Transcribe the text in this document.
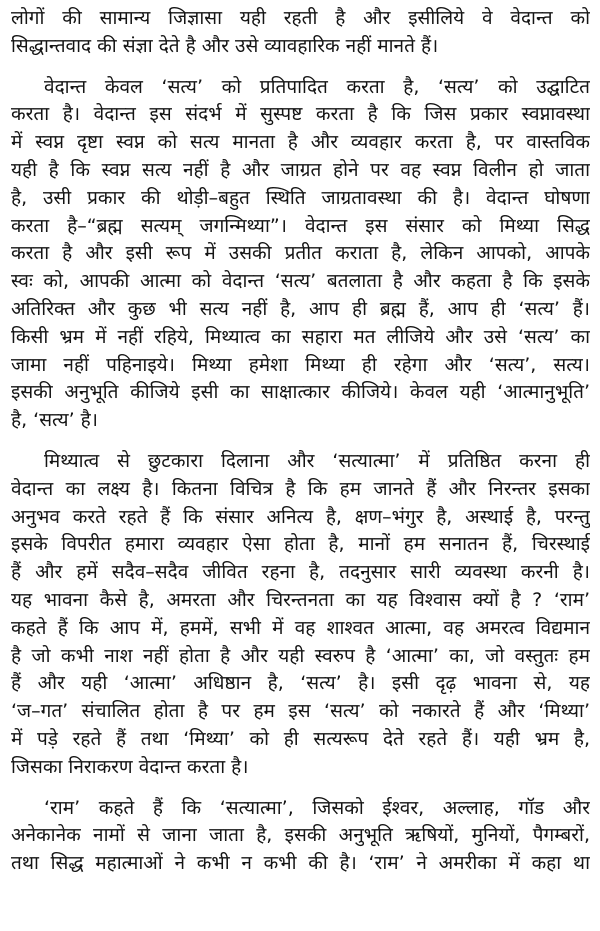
लोगों की सामान्य जिज्ञासा यही रहती है और इसीलिये वे वेदान्त को
सिद्धान्तवाद की संज्ञा देते है और उसे व्यावहारिक नहीं मानते हैं।
वेदान्त केवल ‘सत्य’ को प्रतिपादित करता है, ‘सत्य’ को उद्घाटित
करता है। वेदान्त इस संदर्भ में सुस्पष्ट करता है कि जिस प्रकार स्वप्नावस्था
में स्वप्न दृष्टा स्वप्न को सत्य मानता है और व्यवहार करता है, पर वास्तविक
यही है कि स्वप्न सत्य नहीं है और जाग्रत होने पर वह स्वप्न विलीन हो जाता
है, उसी प्रकार की थोड़ी–बहुत स्थिति जाग्रतावस्था की है। वेदान्त घोषणा
करता है–“ब्रह्म सत्यम् जगन्मिथ्या”। वेदान्त इस संसार को मिथ्या सिद्ध
करता है और इसी रूप में उसकी प्रतीत कराता है, लेकिन आपको, आपके
स्वः को, आपकी आत्मा को वेदान्त ‘सत्य’ बतलाता है और कहता है कि इसके
अतिरिक्त और कुछ भी सत्य नहीं है, आप ही ब्रह्म हैं, आप ही ‘सत्य’ हैं।
किसी भ्रम में नहीं रहिये, मिथ्यात्व का सहारा मत लीजिये और उसे ‘सत्य’ का
जामा नहीं पहिनाइये। मिथ्या हमेशा मिथ्या ही रहेगा और ‘सत्य’, सत्य।
इसकी अनुभूति कीजिये इसी का साक्षात्कार कीजिये। केवल यही ‘आत्मानुभूति’
है, ‘सत्य’ है।
मिथ्यात्व से छुटकारा दिलाना और ‘सत्यात्मा’ में प्रतिष्ठित करना ही
वेदान्त का लक्ष्य है। कितना विचित्र है कि हम जानते हैं और निरन्तर इसका
अनुभव करते रहते हैं कि संसार अनित्य है, क्षण–भंगुर है, अस्थाई है, परन्तु
इसके विपरीत हमारा व्यवहार ऐसा होता है, मानों हम सनातन हैं, चिरस्थाई
हैं और हमें सदैव–सदैव जीवित रहना है, तदनुसार सारी व्यवस्था करनी है।
यह भावना कैसे है, अमरता और चिरन्तनता का यह विश्वास क्यों है ? ‘राम’
कहते हैं कि आप में, हममें, सभी में वह शाश्वत आत्मा, वह अमरत्व विद्यमान
है जो कभी नाश नहीं होता है और यही स्वरुप है ‘आत्मा’ का, जो वस्तुतः हम
हैं और यही ‘आत्मा’ अधिष्ठान है, ‘सत्य’ है। इसी दृढ़ भावना से, यह
‘ज–गत’ संचालित होता है पर हम इस ‘सत्य’ को नकारते हैं और ‘मिथ्या’
में पड़े रहते हैं तथा ‘मिथ्या’ को ही सत्यरूप देते रहते हैं। यही भ्रम है,
जिसका निराकरण वेदान्त करता है।
‘राम’ कहते हैं कि ‘सत्यात्मा’, जिसको ईश्वर, अल्लाह, गॉड और
अनेकानेक नामों से जाना जाता है, इसकी अनुभूति ऋषियों, मुनियों, पैगम्बरों,
तथा सिद्ध महात्माओं ने कभी न कभी की है। ‘राम’ ने अमरीका में कहा था
